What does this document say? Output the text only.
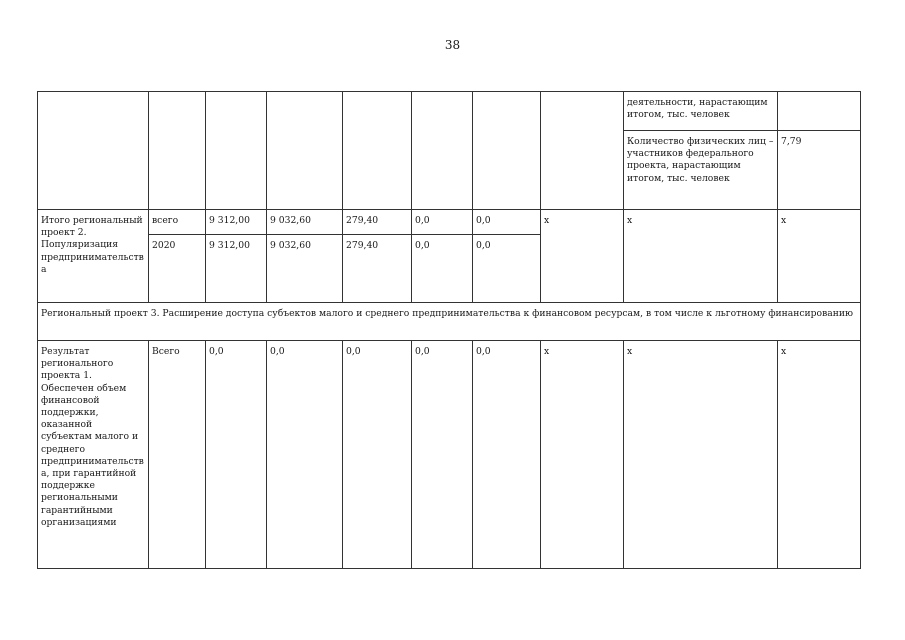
38
								деятельности, нарастающим итогом, тыс. человек	
								Количество физических лиц – участников федерального проекта, нарастающим итогом, тыс. человек	7,79
Итого региональный проект 2. Популяризация предпринимательства	всего	9 312,00	9 032,60	279,40	0,0	0,0	x	x	x
	2020	9 312,00	9 032,60	279,40	0,0	0,0			
Региональный проект 3. Расширение доступа субъектов малого и среднего предпринимательства к финансовом ресурсам, в том числе к льготному финансированию									
Результат регионального проекта 1. Обеспечен объем финансовой поддержки, оказанной субъектам малого и среднего предпринимательства, при гарантийной поддержке региональными гарантийными организациями	Всего	0,0	0,0	0,0	0,0	0,0	x	x	x
